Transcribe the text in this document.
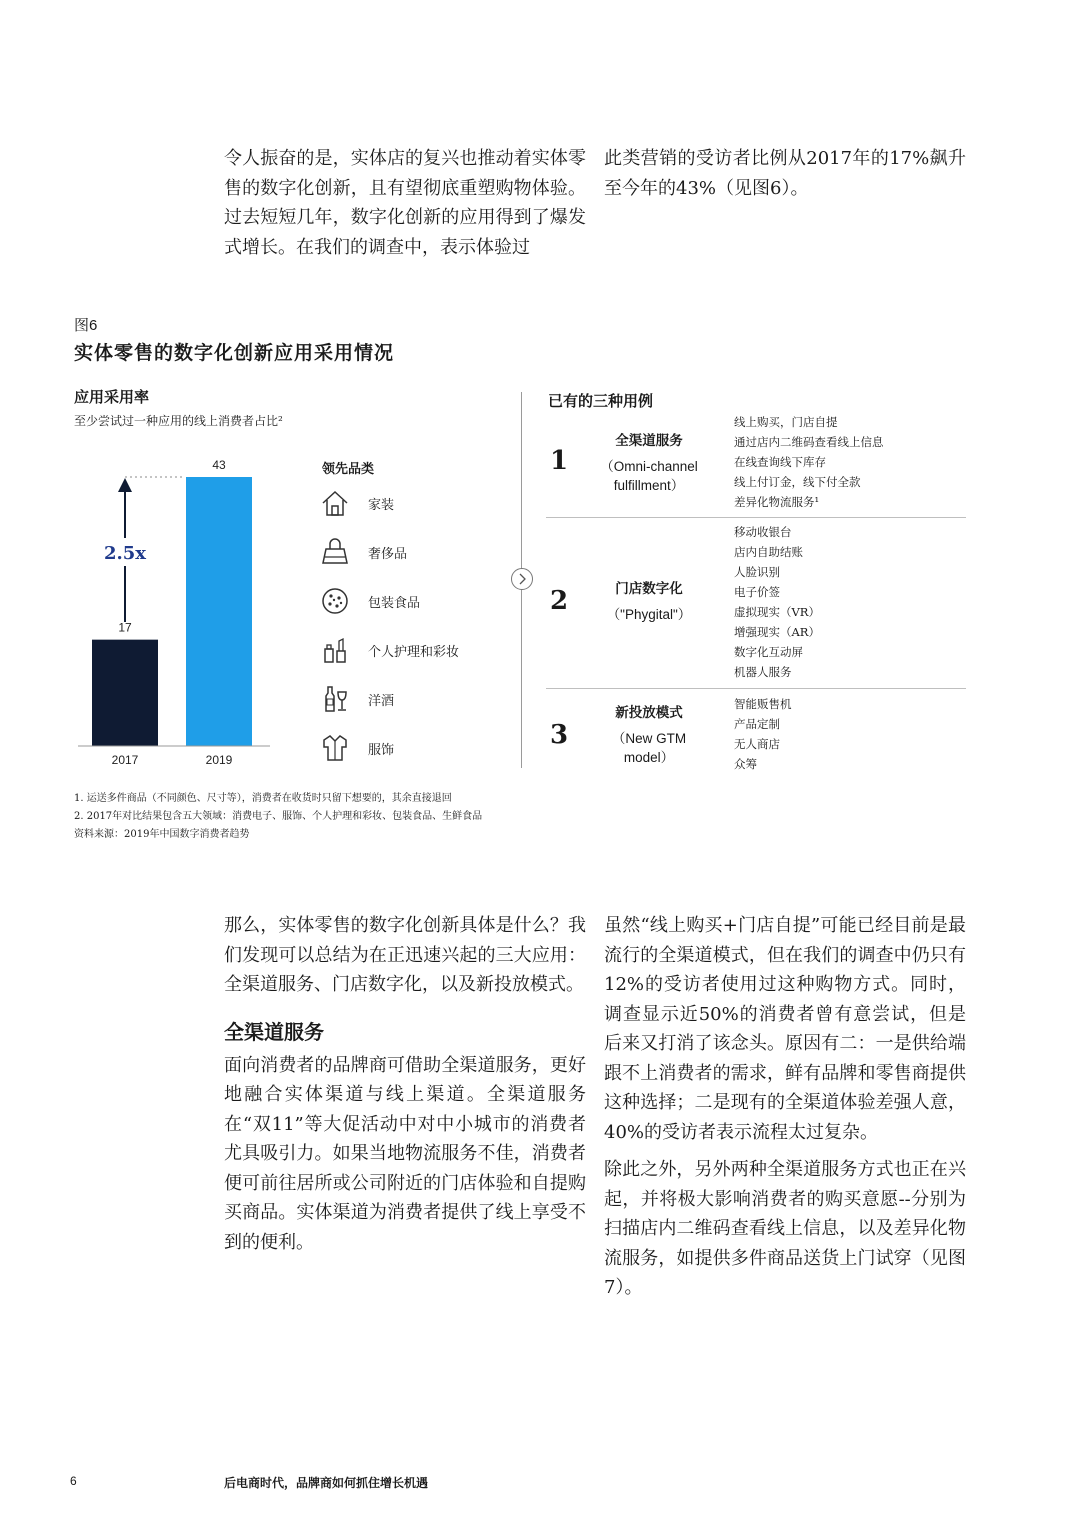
令人振奋的是，实体店的复兴也推动着实体零售的数字化创新，且有望彻底重塑购物体验。过去短短几年，数字化创新的应用得到了爆发式增长。在我们的调查中，表示体验过
此类营销的受访者比例从2017年的17%飙升至今年的43%（见图6）。
图6
实体零售的数字化创新应用采用情况
应用采用率
至少尝试过一种应用的线上消费者占比²
17
2017
43
2019
2.5x
领先品类
家装
奢侈品
包装食品
个人护理和彩妆
洋酒
服饰
已有的三种用例
1
全渠道服务
（Omni-channel
fulfillment）
线上购买，门店自提
通过店内二维码查看线上信息
在线查询线下库存
线上付订金，线下付全款
差异化物流服务¹
2	门店数字化
（"Phygital"）
移动收银台
店内自助结账
人脸识别
电子价签
虚拟现实（VR）
增强现实（AR）
数字化互动屏
机器人服务
3
新投放模式
（New GTM
model）
智能贩售机
产品定制
无人商店
众筹
1. 运送多件商品（不同颜色、尺寸等），消费者在收货时只留下想要的，其余直接退回
2. 2017年对比结果包含五大领域：消费电子、服饰、个人护理和彩妆、包装食品、生鲜食品
资料来源：2019年中国数字消费者趋势
那么，实体零售的数字化创新具体是什么？我们发现可以总结为在正迅速兴起的三大应用：全渠道服务、门店数字化，以及新投放模式。
全渠道服务
面向消费者的品牌商可借助全渠道服务，更好地融合实体渠道与线上渠道。全渠道服务在“双11”等大促活动中对中小城市的消费者尤具吸引力。如果当地物流服务不佳，消费者便可前往居所或公司附近的门店体验和自提购买商品。实体渠道为消费者提供了线上享受不到的便利。
虽然“线上购买+门店自提”可能已经目前是最流行的全渠道模式，但在我们的调查中仍只有12%的受访者使用过这种购物方式。同时，调查显示近50%的消费者曾有意尝试，但是后来又打消了该念头。原因有二：一是供给端跟不上消费者的需求，鲜有品牌和零售商提供这种选择；二是现有的全渠道体验差强人意，40%的受访者表示流程太过复杂。
除此之外，另外两种全渠道服务方式也正在兴起，并将极大影响消费者的购买意愿--分别为扫描店内二维码查看线上信息，以及差异化物流服务，如提供多件商品送货上门试穿（见图7）。
6	后电商时代，品牌商如何抓住增长机遇
